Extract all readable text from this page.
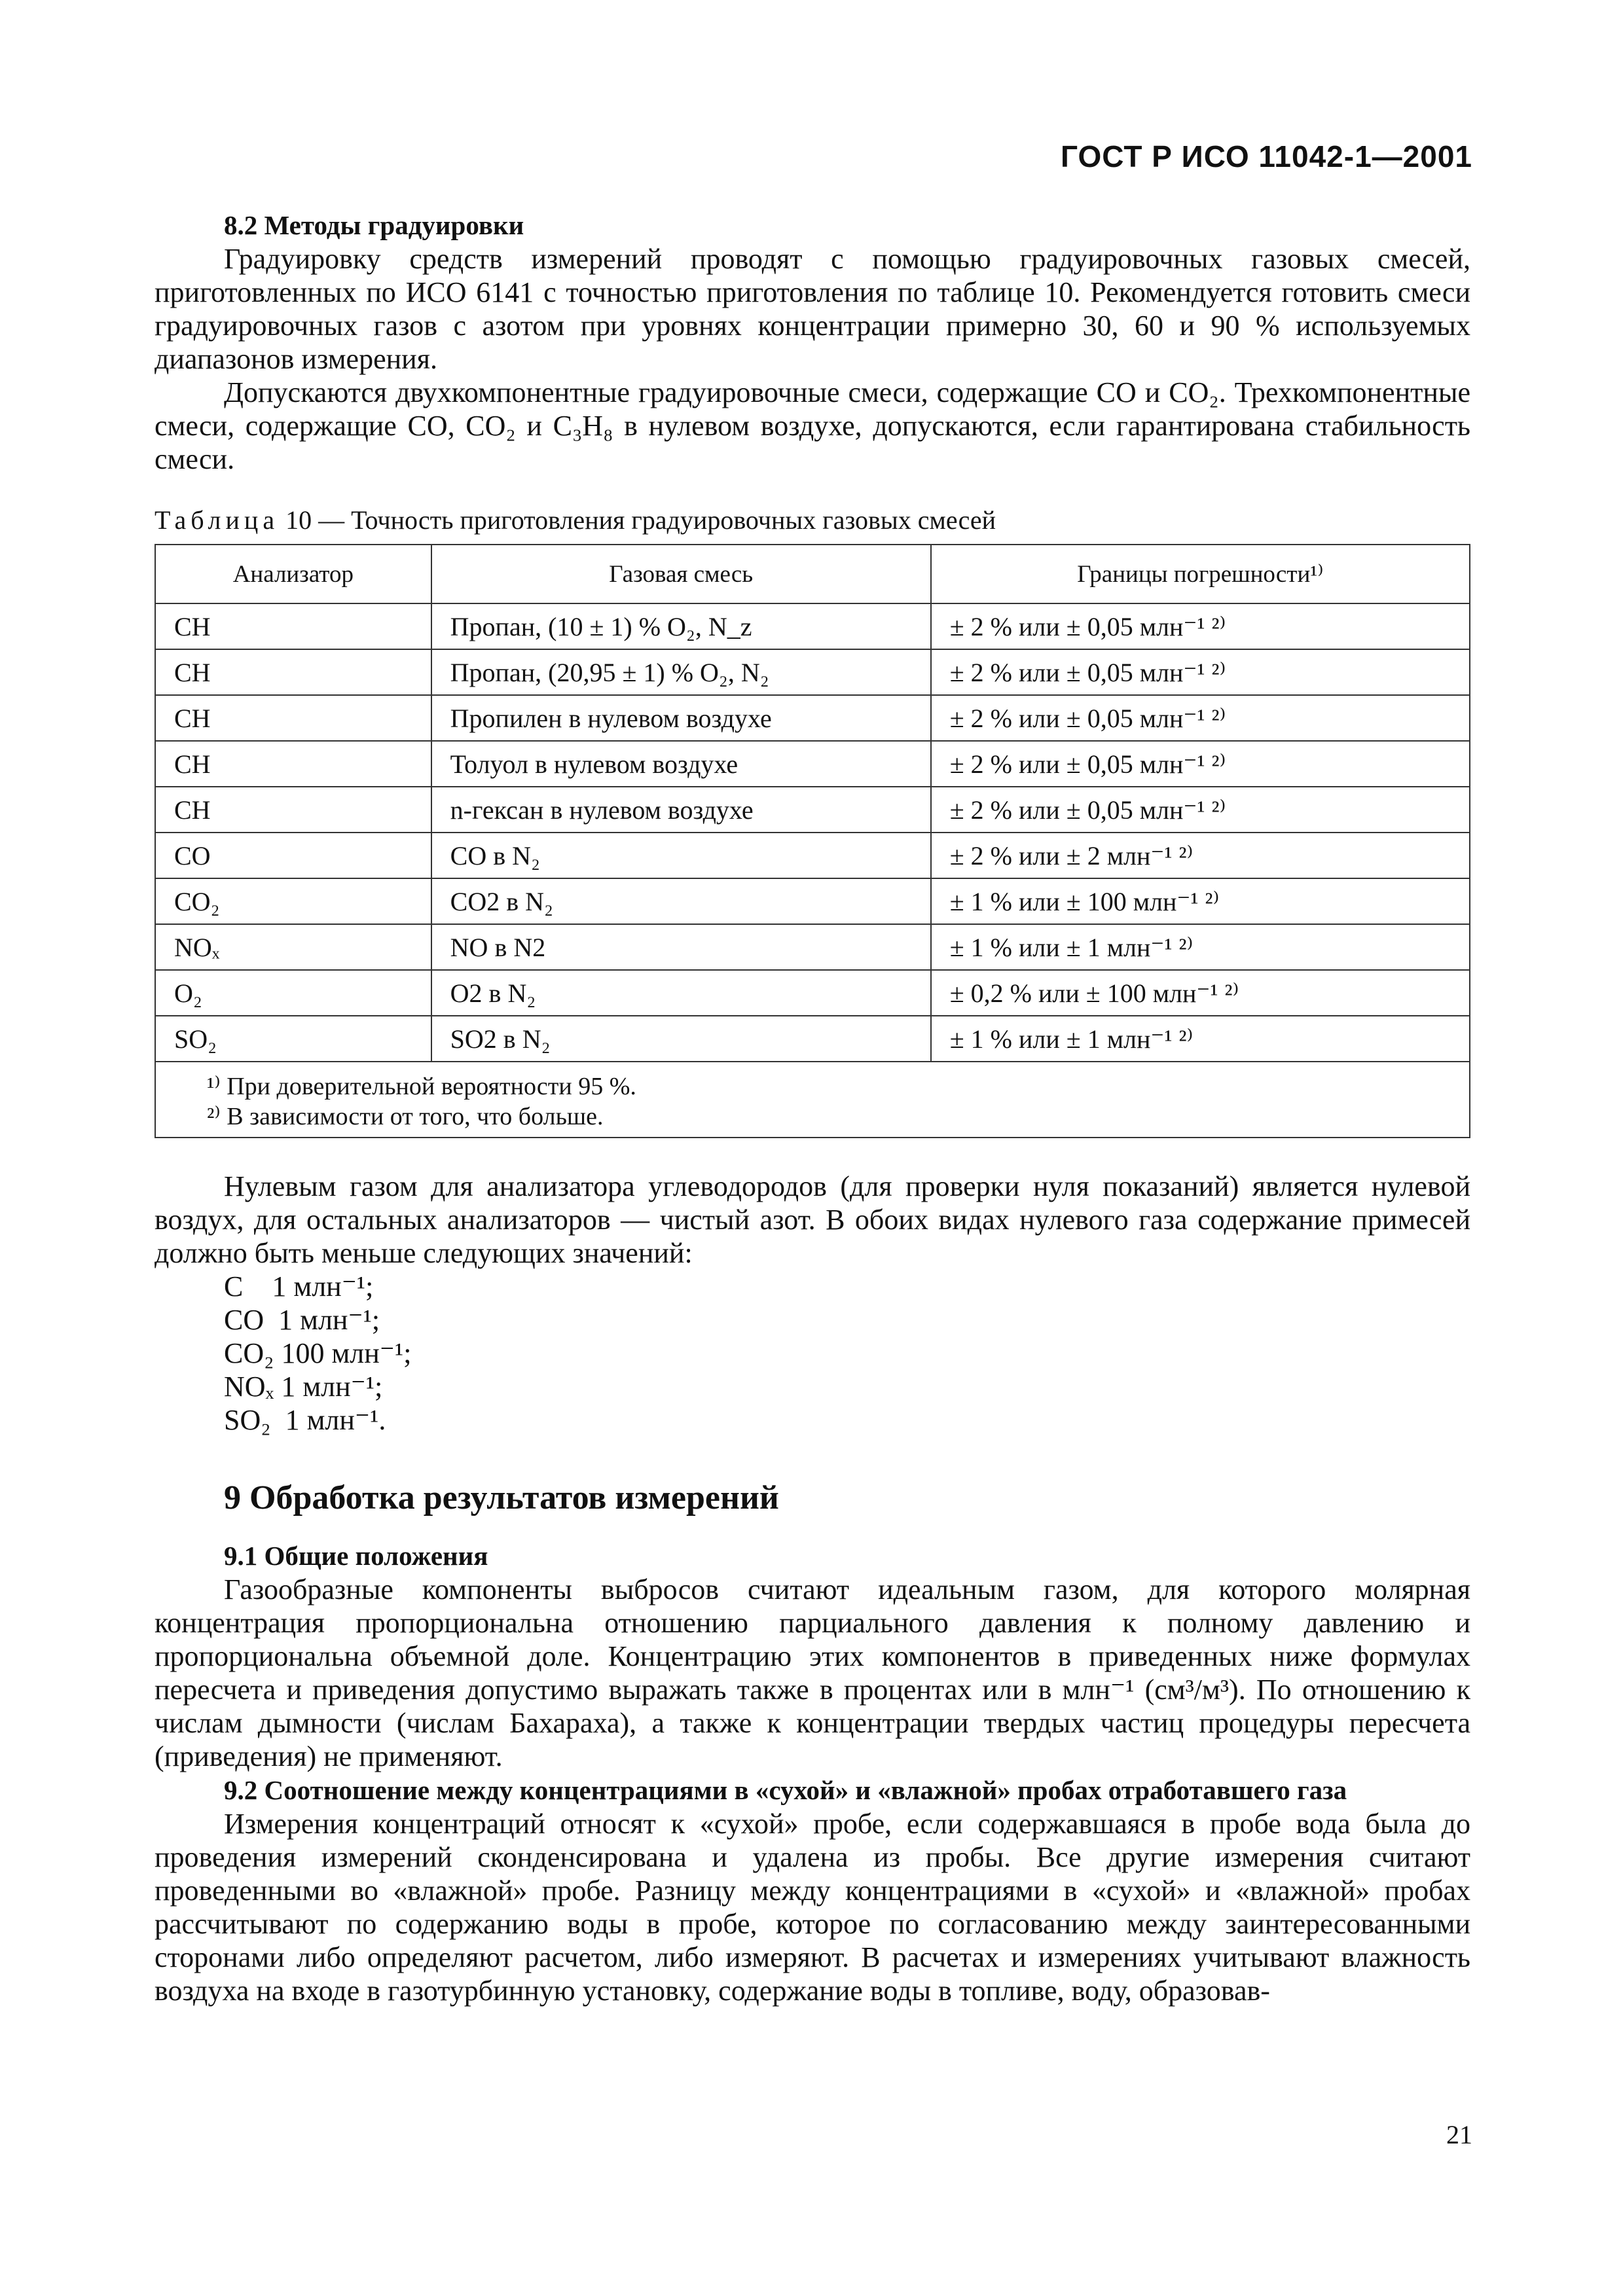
ГОСТ Р ИСО 11042-1—2001

8.2 Методы градуировки

Градуировку средств измерений проводят с помощью градуировочных газовых смесей, приготовленных по ИСО 6141 с точностью приготовления по таблице 10. Рекомендуется готовить смеси градуировочных газов с азотом при уровнях концентрации примерно 30, 60 и 90 % используемых диапазонов измерения.

Допускаются двухкомпонентные градуировочные смеси, содержащие CO и CO₂. Трехкомпонентные смеси, содержащие CO, CO₂ и C₃H₈ в нулевом воздухе, допускаются, если гарантирована стабильность смеси.

Таблица 10 — Точность приготовления градуировочных газовых смесей
Анализатор	Газовая смесь	Границы погрешности¹⁾
CH	Пропан, (10 ± 1) % O₂, N_z	± 2 % или ± 0,05 млн⁻¹ ²⁾
CH	Пропан, (20,95 ± 1) % O₂, N₂	± 2 % или ± 0,05 млн⁻¹ ²⁾
CH	Пропилен в нулевом воздухе	± 2 % или ± 0,05 млн⁻¹ ²⁾
CH	Толуол в нулевом воздухе	± 2 % или ± 0,05 млн⁻¹ ²⁾
CH	n-гексан в нулевом воздухе	± 2 % или ± 0,05 млн⁻¹ ²⁾
CO	CO в N₂	± 2 % или ± 2 млн⁻¹ ²⁾
CO₂	CO2 в N₂	± 1 % или ± 100 млн⁻¹ ²⁾
NOₓ	NO в N2	± 1 % или ± 1 млн⁻¹ ²⁾
O₂	O2 в N₂	± 0,2 % или ± 100 млн⁻¹ ²⁾
SO₂	SO2 в N₂	± 1 % или ± 1 млн⁻¹ ²⁾

¹⁾ При доверительной вероятности 95 %.
²⁾ В зависимости от того, что больше.		

Нулевым газом для анализатора углеводородов (для проверки нуля показаний) является нулевой воздух, для остальных анализаторов — чистый азот. В обоих видах нулевого газа содержание примесей должно быть меньше следующих значений:

C    1 млн⁻¹;
CO  1 млн⁻¹;
CO₂ 100 млн⁻¹;
NOₓ 1 млн⁻¹;
SO₂  1 млн⁻¹.
9 Обработка результатов измерений

9.1 Общие положения

Газообразные компоненты выбросов считают идеальным газом, для которого молярная концентрация пропорциональна отношению парциального давления к полному давлению и пропорциональна объемной доле. Концентрацию этих компонентов в приведенных ниже формулах пересчета и приведения допустимо выражать также в процентах или в млн⁻¹ (см³/м³). По отношению к числам дымности (числам Бахараха), а также к концентрации твердых частиц процедуры пересчета (приведения) не применяют.

9.2 Соотношение между концентрациями в «сухой» и «влажной» пробах отработавшего газа

Измерения концентраций относят к «сухой» пробе, если содержавшаяся в пробе вода была до проведения измерений сконденсирована и удалена из пробы. Все другие измерения считают проведенными во «влажной» пробе. Разницу между концентрациями в «сухой» и «влажной» пробах рассчитывают по содержанию воды в пробе, которое по согласованию между заинтересованными сторонами либо определяют расчетом, либо измеряют. В расчетах и измерениях учитывают влажность воздуха на входе в газотурбинную установку, содержание воды в топливе, воду, образовав-

21
